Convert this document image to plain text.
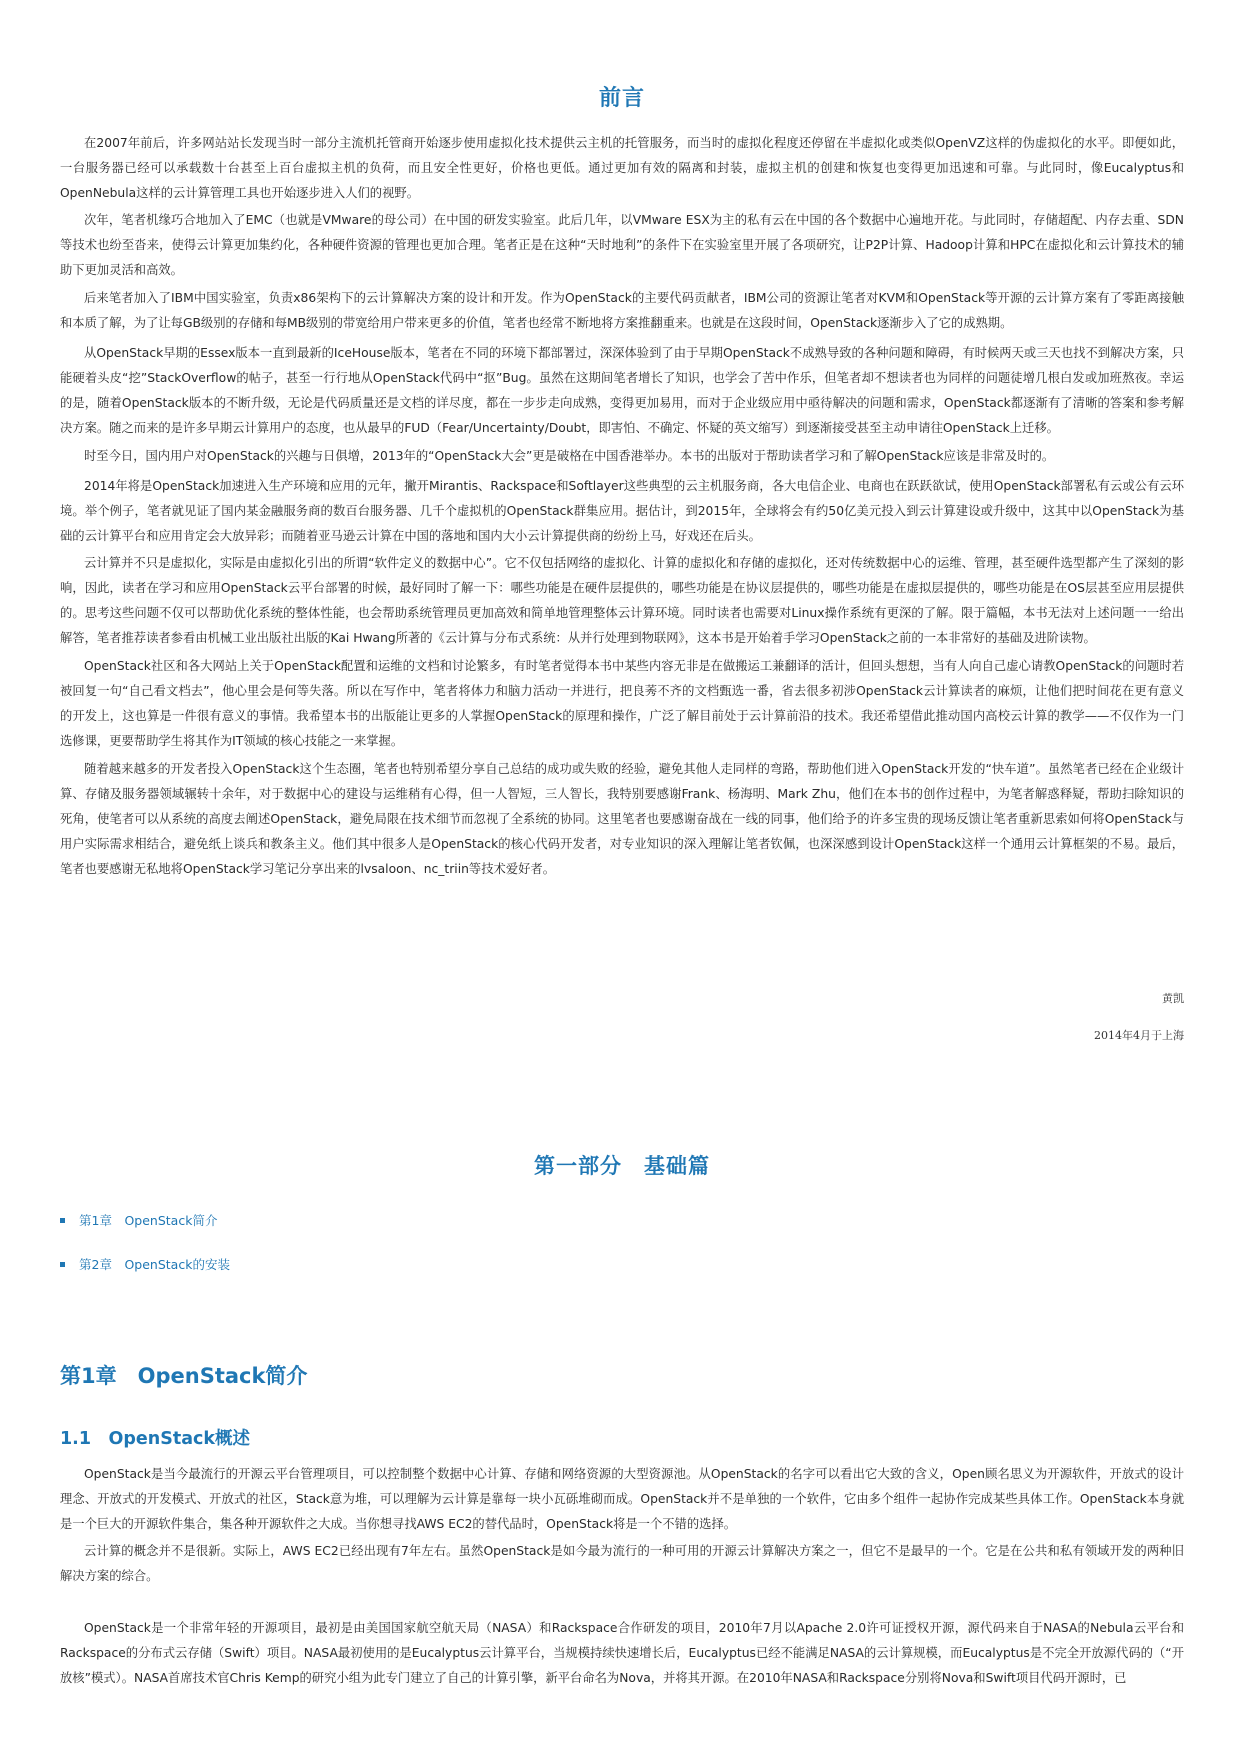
前言

在2007年前后，许多网站站长发现当时一部分主流机托管商开始逐步使用虚拟化技术提供云主机的托管服务，而当时的虚拟化程度还停留在半虚拟化或类似OpenVZ这样的伪虚拟化的水平。即便如此，一台服务器已经可以承载数十台甚至上百台虚拟主机的负荷，而且安全性更好，价格也更低。通过更加有效的隔离和封装，虚拟主机的创建和恢复也变得更加迅速和可靠。与此同时，像Eucalyptus和OpenNebula这样的云计算管理工具也开始逐步进入人们的视野。

次年，笔者机缘巧合地加入了EMC（也就是VMware的母公司）在中国的研发实验室。此后几年，以VMware ESX为主的私有云在中国的各个数据中心遍地开花。与此同时，存储超配、内存去重、SDN等技术也纷至沓来，使得云计算更加集约化，各种硬件资源的管理也更加合理。笔者正是在这种“天时地利”的条件下在实验室里开展了各项研究，让P2P计算、Hadoop计算和HPC在虚拟化和云计算技术的辅助下更加灵活和高效。

后来笔者加入了IBM中国实验室，负责x86架构下的云计算解决方案的设计和开发。作为OpenStack的主要代码贡献者，IBM公司的资源让笔者对KVM和OpenStack等开源的云计算方案有了零距离接触和本质了解，为了让每GB级别的存储和每MB级别的带宽给用户带来更多的价值，笔者也经常不断地将方案推翻重来。也就是在这段时间，OpenStack逐渐步入了它的成熟期。

从OpenStack早期的Essex版本一直到最新的IceHouse版本，笔者在不同的环境下都部署过，深深体验到了由于早期OpenStack不成熟导致的各种问题和障碍，有时候两天或三天也找不到解决方案，只能硬着头皮“挖”StackOverflow的帖子，甚至一行行地从OpenStack代码中“抠”Bug。虽然在这期间笔者增长了知识，也学会了苦中作乐，但笔者却不想读者也为同样的问题徒增几根白发或加班熬夜。幸运的是，随着OpenStack版本的不断升级，无论是代码质量还是文档的详尽度，都在一步步走向成熟，变得更加易用，而对于企业级应用中亟待解决的问题和需求，OpenStack都逐渐有了清晰的答案和参考解决方案。随之而来的是许多早期云计算用户的态度，也从最早的FUD（Fear/Uncertainty/Doubt，即害怕、不确定、怀疑的英文缩写）到逐渐接受甚至主动申请往OpenStack上迁移。

时至今日，国内用户对OpenStack的兴趣与日俱增，2013年的“OpenStack大会”更是破格在中国香港举办。本书的出版对于帮助读者学习和了解OpenStack应该是非常及时的。

2014年将是OpenStack加速进入生产环境和应用的元年，撇开Mirantis、Rackspace和Softlayer这些典型的云主机服务商，各大电信企业、电商也在跃跃欲试，使用OpenStack部署私有云或公有云环境。举个例子，笔者就见证了国内某金融服务商的数百台服务器、几千个虚拟机的OpenStack群集应用。据估计，到2015年，全球将会有约50亿美元投入到云计算建设或升级中，这其中以OpenStack为基础的云计算平台和应用肯定会大放异彩；而随着亚马逊云计算在中国的落地和国内大小云计算提供商的纷纷上马，好戏还在后头。

云计算并不只是虚拟化，实际是由虚拟化引出的所谓“软件定义的数据中心”。它不仅包括网络的虚拟化、计算的虚拟化和存储的虚拟化，还对传统数据中心的运维、管理，甚至硬件选型都产生了深刻的影响，因此，读者在学习和应用OpenStack云平台部署的时候，最好同时了解一下：哪些功能是在硬件层提供的，哪些功能是在协议层提供的，哪些功能是在虚拟层提供的，哪些功能是在OS层甚至应用层提供的。思考这些问题不仅可以帮助优化系统的整体性能，也会帮助系统管理员更加高效和简单地管理整体云计算环境。同时读者也需要对Linux操作系统有更深的了解。限于篇幅，本书无法对上述问题一一给出解答，笔者推荐读者参看由机械工业出版社出版的Kai Hwang所著的《云计算与分布式系统：从并行处理到物联网》，这本书是开始着手学习OpenStack之前的一本非常好的基础及进阶读物。

OpenStack社区和各大网站上关于OpenStack配置和运维的文档和讨论繁多，有时笔者觉得本书中某些内容无非是在做搬运工兼翻译的活计，但回头想想，当有人向自己虚心请教OpenStack的问题时若被回复一句“自己看文档去”，他心里会是何等失落。所以在写作中，笔者将体力和脑力活动一并进行，把良莠不齐的文档甄选一番，省去很多初涉OpenStack云计算读者的麻烦，让他们把时间花在更有意义的开发上，这也算是一件很有意义的事情。我希望本书的出版能让更多的人掌握OpenStack的原理和操作，广泛了解目前处于云计算前沿的技术。我还希望借此推动国内高校云计算的教学——不仅作为一门选修课，更要帮助学生将其作为IT领域的核心技能之一来掌握。

随着越来越多的开发者投入OpenStack这个生态圈，笔者也特别希望分享自己总结的成功或失败的经验，避免其他人走同样的弯路，帮助他们进入OpenStack开发的“快车道”。虽然笔者已经在企业级计算、存储及服务器领域辗转十余年，对于数据中心的建设与运维稍有心得，但一人智短，三人智长，我特别要感谢Frank、杨海明、Mark Zhu，他们在本书的创作过程中，为笔者解惑释疑，帮助扫除知识的死角，使笔者可以从系统的高度去阐述OpenStack，避免局限在技术细节而忽视了全系统的协同。这里笔者也要感谢奋战在一线的同事，他们给予的许多宝贵的现场反馈让笔者重新思索如何将OpenStack与用户实际需求相结合，避免纸上谈兵和教条主义。他们其中很多人是OpenStack的核心代码开发者，对专业知识的深入理解让笔者钦佩，也深深感到设计OpenStack这样一个通用云计算框架的不易。最后，笔者也要感谢无私地将OpenStack学习笔记分享出来的lvsaloon、nc_triin等技术爱好者。

黄凯
2014年4月于上海
第一部分　基础篇
第1章　OpenStack简介
第2章　OpenStack的安装
第1章　OpenStack简介
1.1　OpenStack概述

OpenStack是当今最流行的开源云平台管理项目，可以控制整个数据中心计算、存储和网络资源的大型资源池。从OpenStack的名字可以看出它大致的含义，Open顾名思义为开源软件，开放式的设计理念、开放式的开发模式、开放式的社区，Stack意为堆，可以理解为云计算是靠每一块小瓦砾堆砌而成。OpenStack并不是单独的一个软件，它由多个组件一起协作完成某些具体工作。OpenStack本身就是一个巨大的开源软件集合，集各种开源软件之大成。当你想寻找AWS EC2的替代品时，OpenStack将是一个不错的选择。

云计算的概念并不是很新。实际上，AWS EC2已经出现有7年左右。虽然OpenStack是如今最为流行的一种可用的开源云计算解决方案之一，但它不是最早的一个。它是在公共和私有领域开发的两种旧解决方案的综合。

OpenStack是一个非常年轻的开源项目，最初是由美国国家航空航天局（NASA）和Rackspace合作研发的项目，2010年7月以Apache 2.0许可证授权开源，源代码来自于NASA的Nebula云平台和Rackspace的分布式云存储（Swift）项目。NASA最初使用的是Eucalyptus云计算平台，当规模持续快速增长后，Eucalyptus已经不能满足NASA的云计算规模，而Eucalyptus是不完全开放源代码的（“开放核”模式）。NASA首席技术官Chris Kemp的研究小组为此专门建立了自己的计算引擎，新平台命名为Nova，并将其开源。在2010年NASA和Rackspace分别将Nova和Swift项目代码开源时，已
